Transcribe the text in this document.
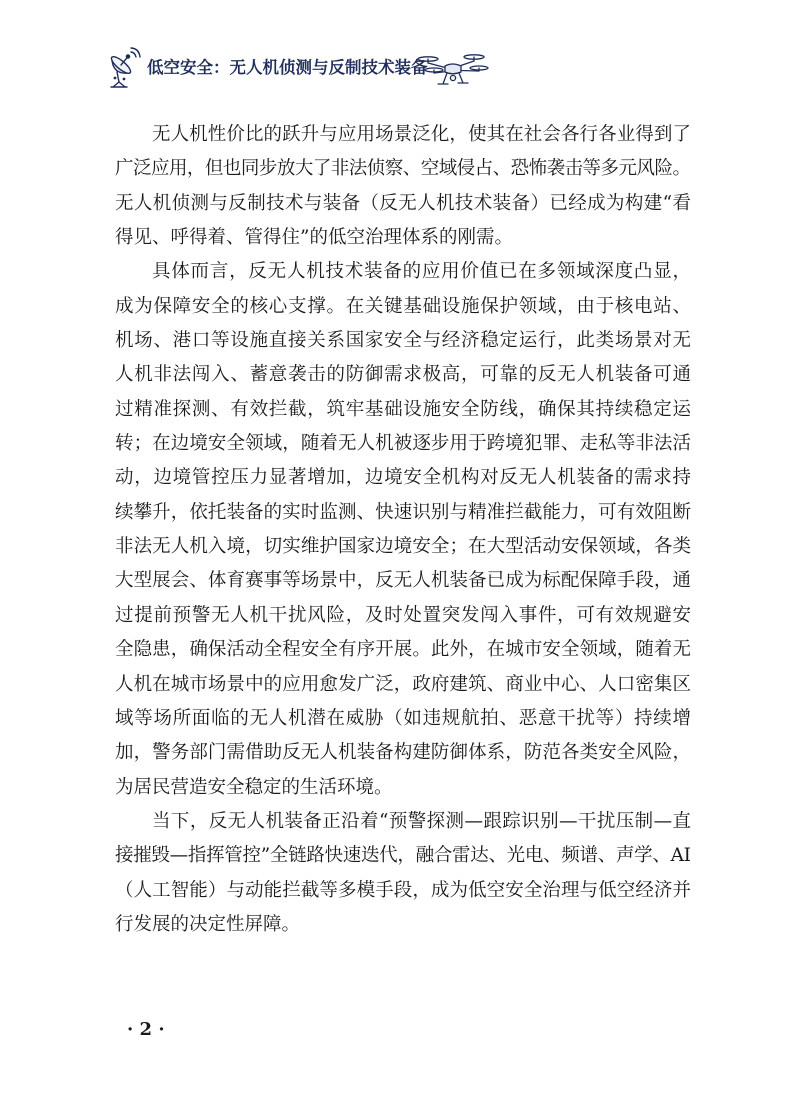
低空安全：无人机侦测与反制技术装备
无人机性价比的跃升与应用场景泛化，使其在社会各行各业得到了
广泛应用，但也同步放大了非法侦察、空域侵占、恐怖袭击等多元风险。
无人机侦测与反制技术与装备（反无人机技术装备）已经成为构建“看
得见、呼得着、管得住”的低空治理体系的刚需。
具体而言，反无人机技术装备的应用价值已在多领域深度凸显，
成为保障安全的核心支撑。在关键基础设施保护领域，由于核电站、
机场、港口等设施直接关系国家安全与经济稳定运行，此类场景对无
人机非法闯入、蓄意袭击的防御需求极高，可靠的反无人机装备可通
过精准探测、有效拦截，筑牢基础设施安全防线，确保其持续稳定运
转；在边境安全领域，随着无人机被逐步用于跨境犯罪、走私等非法活
动，边境管控压力显著增加，边境安全机构对反无人机装备的需求持
续攀升，依托装备的实时监测、快速识别与精准拦截能力，可有效阻断
非法无人机入境，切实维护国家边境安全；在大型活动安保领域，各类
大型展会、体育赛事等场景中，反无人机装备已成为标配保障手段，通
过提前预警无人机干扰风险，及时处置突发闯入事件，可有效规避安
全隐患，确保活动全程安全有序开展。此外，在城市安全领域，随着无
人机在城市场景中的应用愈发广泛，政府建筑、商业中心、人口密集区
域等场所面临的无人机潜在威胁（如违规航拍、恶意干扰等）持续增
加，警务部门需借助反无人机装备构建防御体系，防范各类安全风险，
为居民营造安全稳定的生活环境。
当下，反无人机装备正沿着“预警探测—跟踪识别—干扰压制—直
接摧毁—指挥管控”全链路快速迭代，融合雷达、光电、频谱、声学、AI
（人工智能）与动能拦截等多模手段，成为低空安全治理与低空经济并
行发展的决定性屏障。
· 2 ·
